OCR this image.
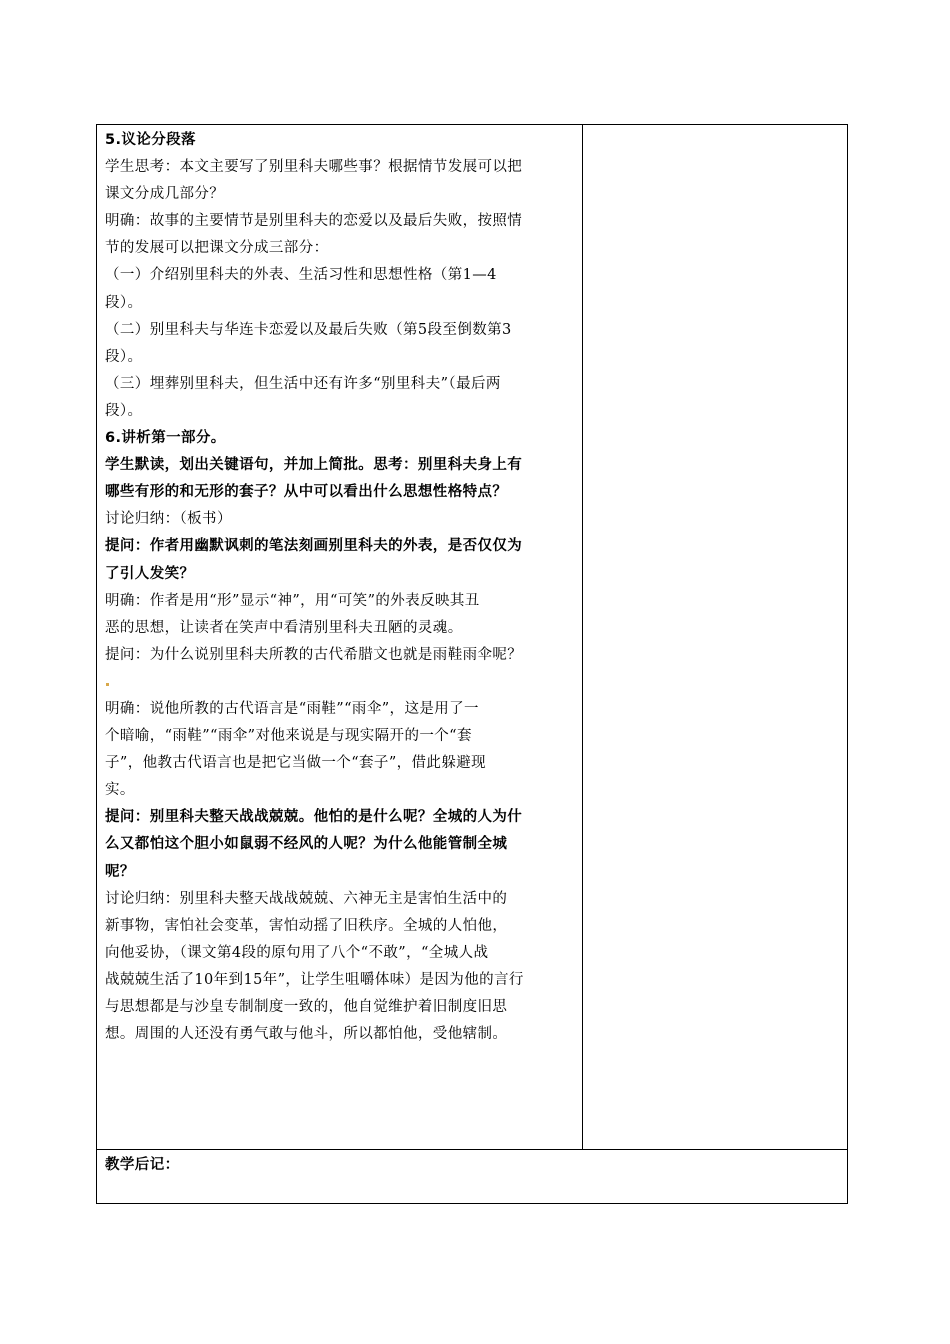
5.议论分段落
学生思考：本文主要写了别里科夫哪些事？根据情节发展可以把
课文分成几部分？
明确：故事的主要情节是别里科夫的恋爱以及最后失败，按照情
节的发展可以把课文分成三部分：
（一）介绍别里科夫的外表、生活习性和思想性格（第1—4
段）。
（二）别里科夫与华连卡恋爱以及最后失败（第5段至倒数第3
段）。
（三）埋葬别里科夫，但生活中还有许多“别里科夫”（最后两
段）。
6.讲析第一部分。
学生默读，划出关键语句，并加上简批。思考：别里科夫身上有
哪些有形的和无形的套子？从中可以看出什么思想性格特点？
讨论归纳：（板书）
提问：作者用幽默讽刺的笔法刻画别里科夫的外表，是否仅仅为
了引人发笑？
明确：作者是用“形”显示“神”，用“可笑”的外表反映其丑
恶的思想，让读者在笑声中看清别里科夫丑陋的灵魂。
提问：为什么说别里科夫所教的古代希腊文也就是雨鞋雨伞呢？
明确：说他所教的古代语言是“雨鞋”“雨伞”，这是用了一
个暗喻，“雨鞋”“雨伞”对他来说是与现实隔开的一个“套
子”，他教古代语言也是把它当做一个“套子”，借此躲避现
实。
提问：别里科夫整天战战兢兢。他怕的是什么呢？全城的人为什
么又都怕这个胆小如鼠弱不经风的人呢？为什么他能管制全城
呢？
讨论归纳：别里科夫整天战战兢兢、六神无主是害怕生活中的
新事物，害怕社会变革，害怕动摇了旧秩序。全城的人怕他，
向他妥协，（课文第4段的原句用了八个“不敢”，“全城人战
战兢兢生活了10年到15年”，让学生咀嚼体味）是因为他的言行
与思想都是与沙皇专制制度一致的，他自觉维护着旧制度旧思
想。周围的人还没有勇气敢与他斗，所以都怕他，受他辖制。
教学后记：
